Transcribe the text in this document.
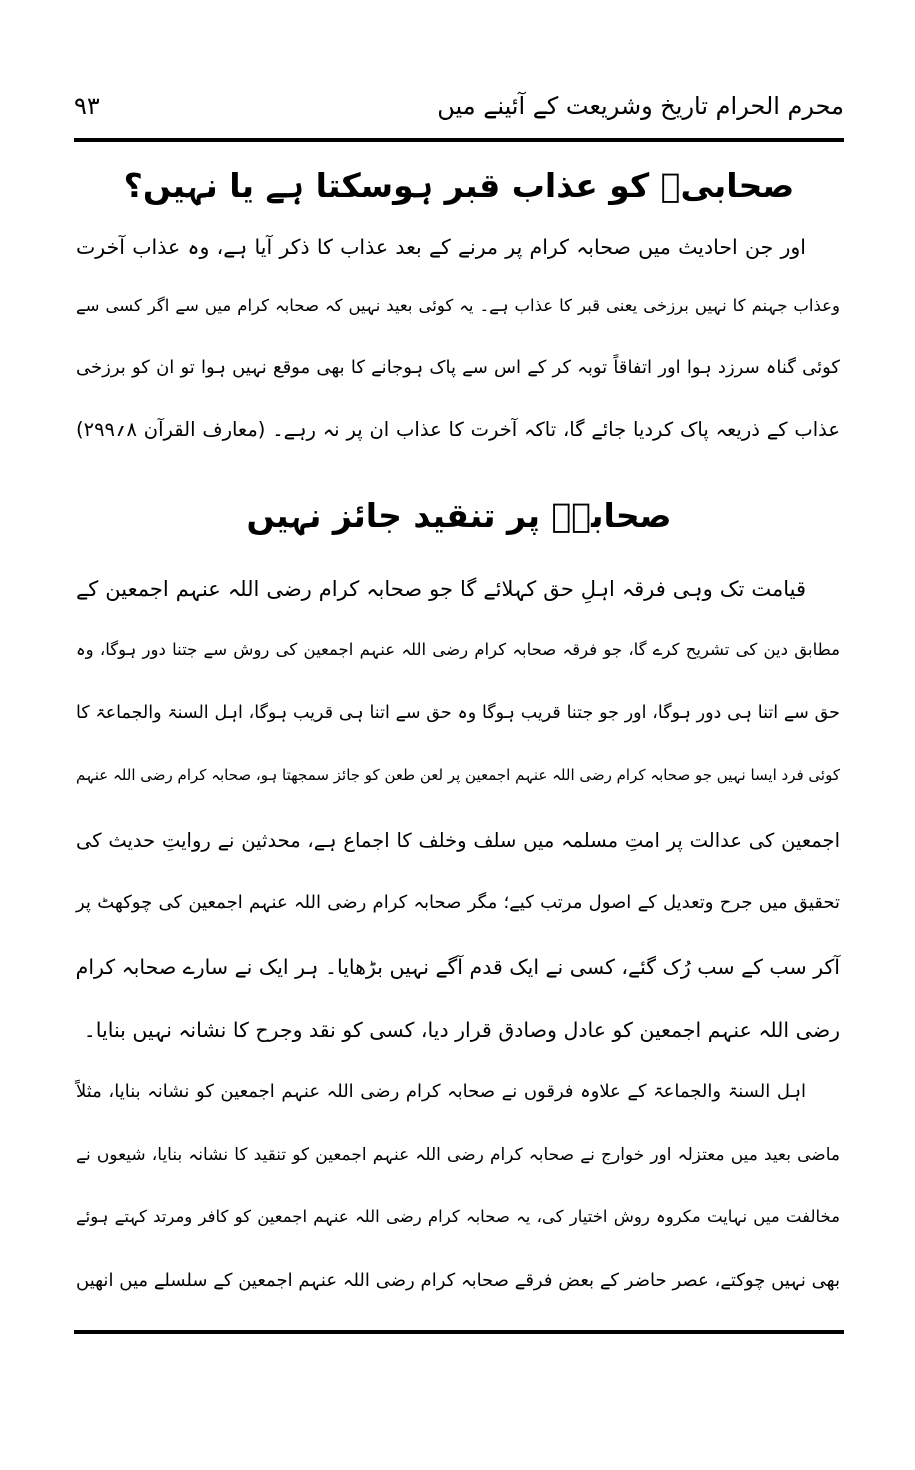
محرم الحرام تاریخ وشریعت کے آئینے میں
۹۳
صحابیؓ کو عذاب قبر ہوسکتا ہے یا نہیں؟
اور جن احادیث میں صحابہ کرام پر مرنے کے بعد عذاب کا ذکر آیا ہے، وہ عذاب آخرت
وعذاب جہنم کا نہیں برزخی یعنی قبر کا عذاب ہے۔ یہ کوئی بعید نہیں کہ صحابہ کرام میں سے اگر کسی سے
کوئی گناہ سرزد ہوا اور اتفاقاً توبہ کر کے اس سے پاک ہوجانے کا بھی موقع نہیں ہوا تو ان کو برزخی
عذاب کے ذریعہ پاک کردیا جائے گا، تاکہ آخرت کا عذاب ان پر نہ رہے۔ (معارف القرآن ۸؍۲۹۹)
صحابہؓ پر تنقید جائز نہیں
قیامت تک وہی فرقہ اہلِ حق کہلائے گا جو صحابہ کرام رضی اللہ عنہم اجمعین کے
مطابق دین کی تشریح کرے گا، جو فرقہ صحابہ کرام رضی اللہ عنہم اجمعین کی روش سے جتنا دور ہوگا، وہ
حق سے اتنا ہی دور ہوگا، اور جو جتنا قریب ہوگا وہ حق سے اتنا ہی قریب ہوگا، اہل السنۃ والجماعۃ کا
کوئی فرد ایسا نہیں جو صحابہ کرام رضی اللہ عنہم اجمعین پر لعن طعن کو جائز سمجھتا ہو، صحابہ کرام رضی اللہ عنہم
اجمعین کی عدالت پر امتِ مسلمہ میں سلف وخلف کا اجماع ہے، محدثین نے روایتِ حدیث کی
تحقیق میں جرح وتعدیل کے اصول مرتب کیے؛ مگر صحابہ کرام رضی اللہ عنہم اجمعین کی چوکھٹ پر
آکر سب کے سب رُک گئے، کسی نے ایک قدم آگے نہیں بڑھایا۔ ہر ایک نے سارے صحابہ کرام
رضی اللہ عنہم اجمعین کو عادل وصادق قرار دیا، کسی کو نقد وجرح کا نشانہ نہیں بنایا۔
اہل السنۃ والجماعۃ کے علاوہ فرقوں نے صحابہ کرام رضی اللہ عنہم اجمعین کو نشانہ بنایا، مثلاً
ماضی بعید میں معتزلہ اور خوارج نے صحابہ کرام رضی اللہ عنہم اجمعین کو تنقید کا نشانہ بنایا، شیعوں نے
مخالفت میں نہایت مکروہ روش اختیار کی، یہ صحابہ کرام رضی اللہ عنہم اجمعین کو کافر ومرتد کہتے ہوئے
بھی نہیں چوکتے، عصر حاضر کے بعض فرقے صحابہ کرام رضی اللہ عنہم اجمعین کے سلسلے میں انھیں
